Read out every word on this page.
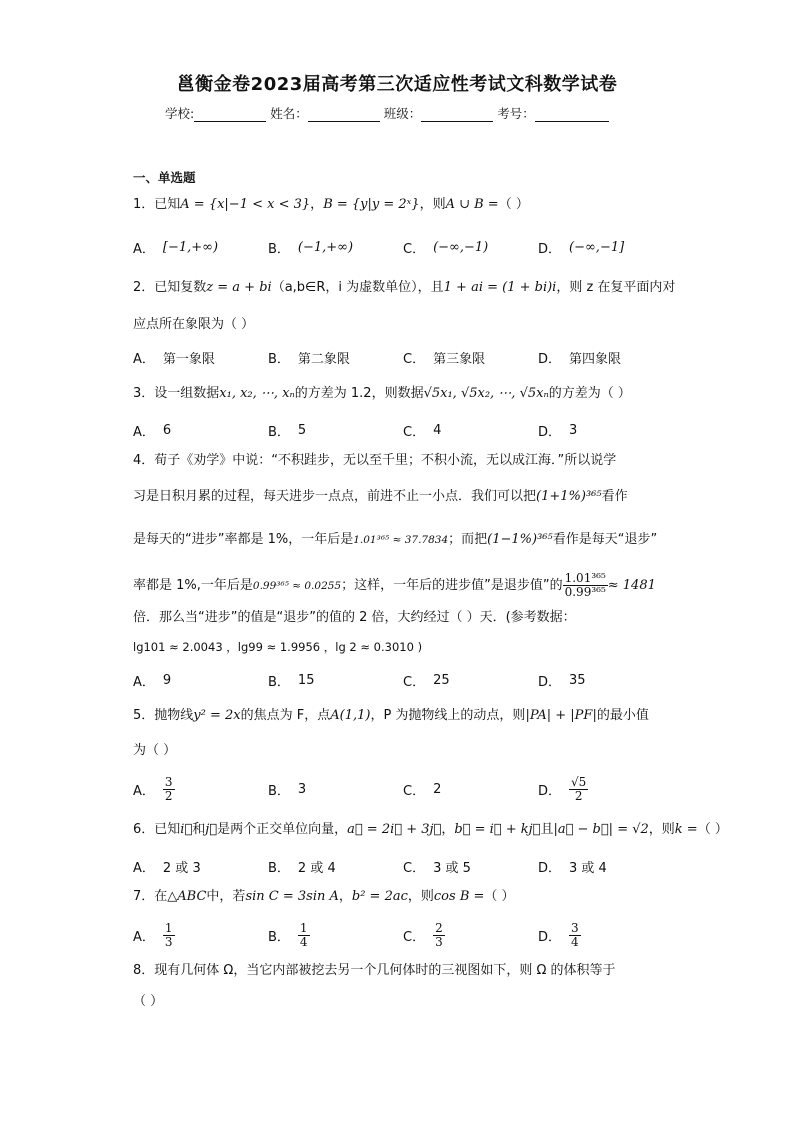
邕衡金卷2023届高考第三次适应性考试文科数学试卷
学校:	姓名：	班级：	考号：
一、单选题
1．已知A = {x|−1 < x < 3}，B = {y|y = 2ˣ}，则A ∪ B =（ ）
A． [−1,+∞)	B． (−1,+∞)	C． (−∞,−1)	D． (−∞,−1]
2．已知复数z = a + bi（a,b∈R，i 为虚数单位），且1 + ai = (1 + bi)i，则 z 在复平面内对
应点所在象限为（ ）
A． 第一象限	B． 第二象限	C． 第三象限	D． 第四象限
3．设一组数据x₁, x₂, ⋯, xₙ的方差为 1.2，则数据√5x₁, √5x₂, ⋯, √5xₙ的方差为（ ）
A． 6	B． 5	C． 4	D． 3
4．荀子《劝学》中说：“不积跬步，无以至千里；不积小流，无以成江海．”所以说学
习是日积月累的过程，每天进步一点点，前进不止一小点．我们可以把(1+1%)³⁶⁵看作
是每天的“进步”率都是 1%，一年后是1.01³⁶⁵ ≈ 37.7834；而把(1−1%)³⁶⁵看作是每天“退步”
率都是 1%,一年后是 0.99³⁶⁵ ≈ 0.0255 ；这样，一年后的进步值”是退步值”的 $\frac{\text{1.01³⁶⁵}}{\text{0.99³⁶⁵}} \approx 1481$
倍．那么当“进步”的值是“退步”的值的 2 倍，大约经过（ ）天．(参考数据：
lg101 ≈ 2.0043 ，lg99 ≈ 1.9956 ，lg 2 ≈ 0.3010 )
A． 9	B． 15	C． 25	D． 35
5．抛物线y² = 2x的焦点为 F，点A(1,1)，P 为抛物线上的动点，则|PA| + |PF|的最小值
为（ ）
A． $\frac{3}{2}$	B． 3	C． 2	D． $\frac{√5}{2}$
6．已知i⃗和j⃗是两个正交单位向量，a⃗ = 2i⃗ + 3j⃗，b⃗ = i⃗ + kj⃗且|a⃗ − b⃗| = √2，则k =（ ）
A． 2 或 3	B． 2 或 4	C． 3 或 5	D． 3 或 4
7．在△ABC中，若sin C = 3sin A，b² = 2ac，则cos B =（ ）
A． $\frac{1}{3}$	B． $\frac{1}{4}$	C． $\frac{2}{3}$	D． $\frac{3}{4}$
8．现有几何体 Ω，当它内部被挖去另一个几何体时的三视图如下，则 Ω 的体积等于
（ ）
